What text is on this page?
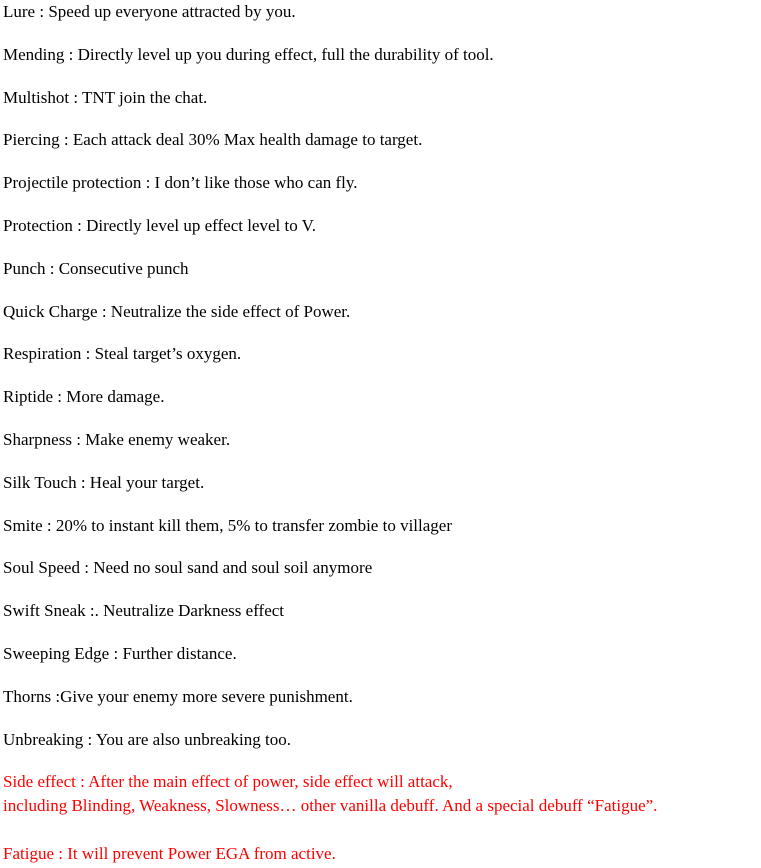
Lure : Speed up everyone attracted by you.
Mending : Directly level up you during effect, full the durability of tool.
Multishot : TNT join the chat.
Piercing : Each attack deal 30% Max health damage to target.
Projectile protection : I don’t like those who can fly.
Protection : Directly level up effect level to V.
Punch : Consecutive punch
Quick Charge : Neutralize the side effect of Power.
Respiration : Steal target’s oxygen.
Riptide : More damage.
Sharpness : Make enemy weaker.
Silk Touch : Heal your target.
Smite : 20% to instant kill them, 5% to transfer zombie to villager
Soul Speed : Need no soul sand and soul soil anymore
Swift Sneak :. Neutralize Darkness effect
Sweeping Edge : Further distance.
Thorns :Give your enemy more severe punishment.
Unbreaking : You are also unbreaking too.
Side effect : After the main effect of power, side effect will attack,
including Blinding, Weakness, Slowness… other vanilla debuff. And a special debuff “Fatigue”.
Fatigue : It will prevent Power EGA from active.
